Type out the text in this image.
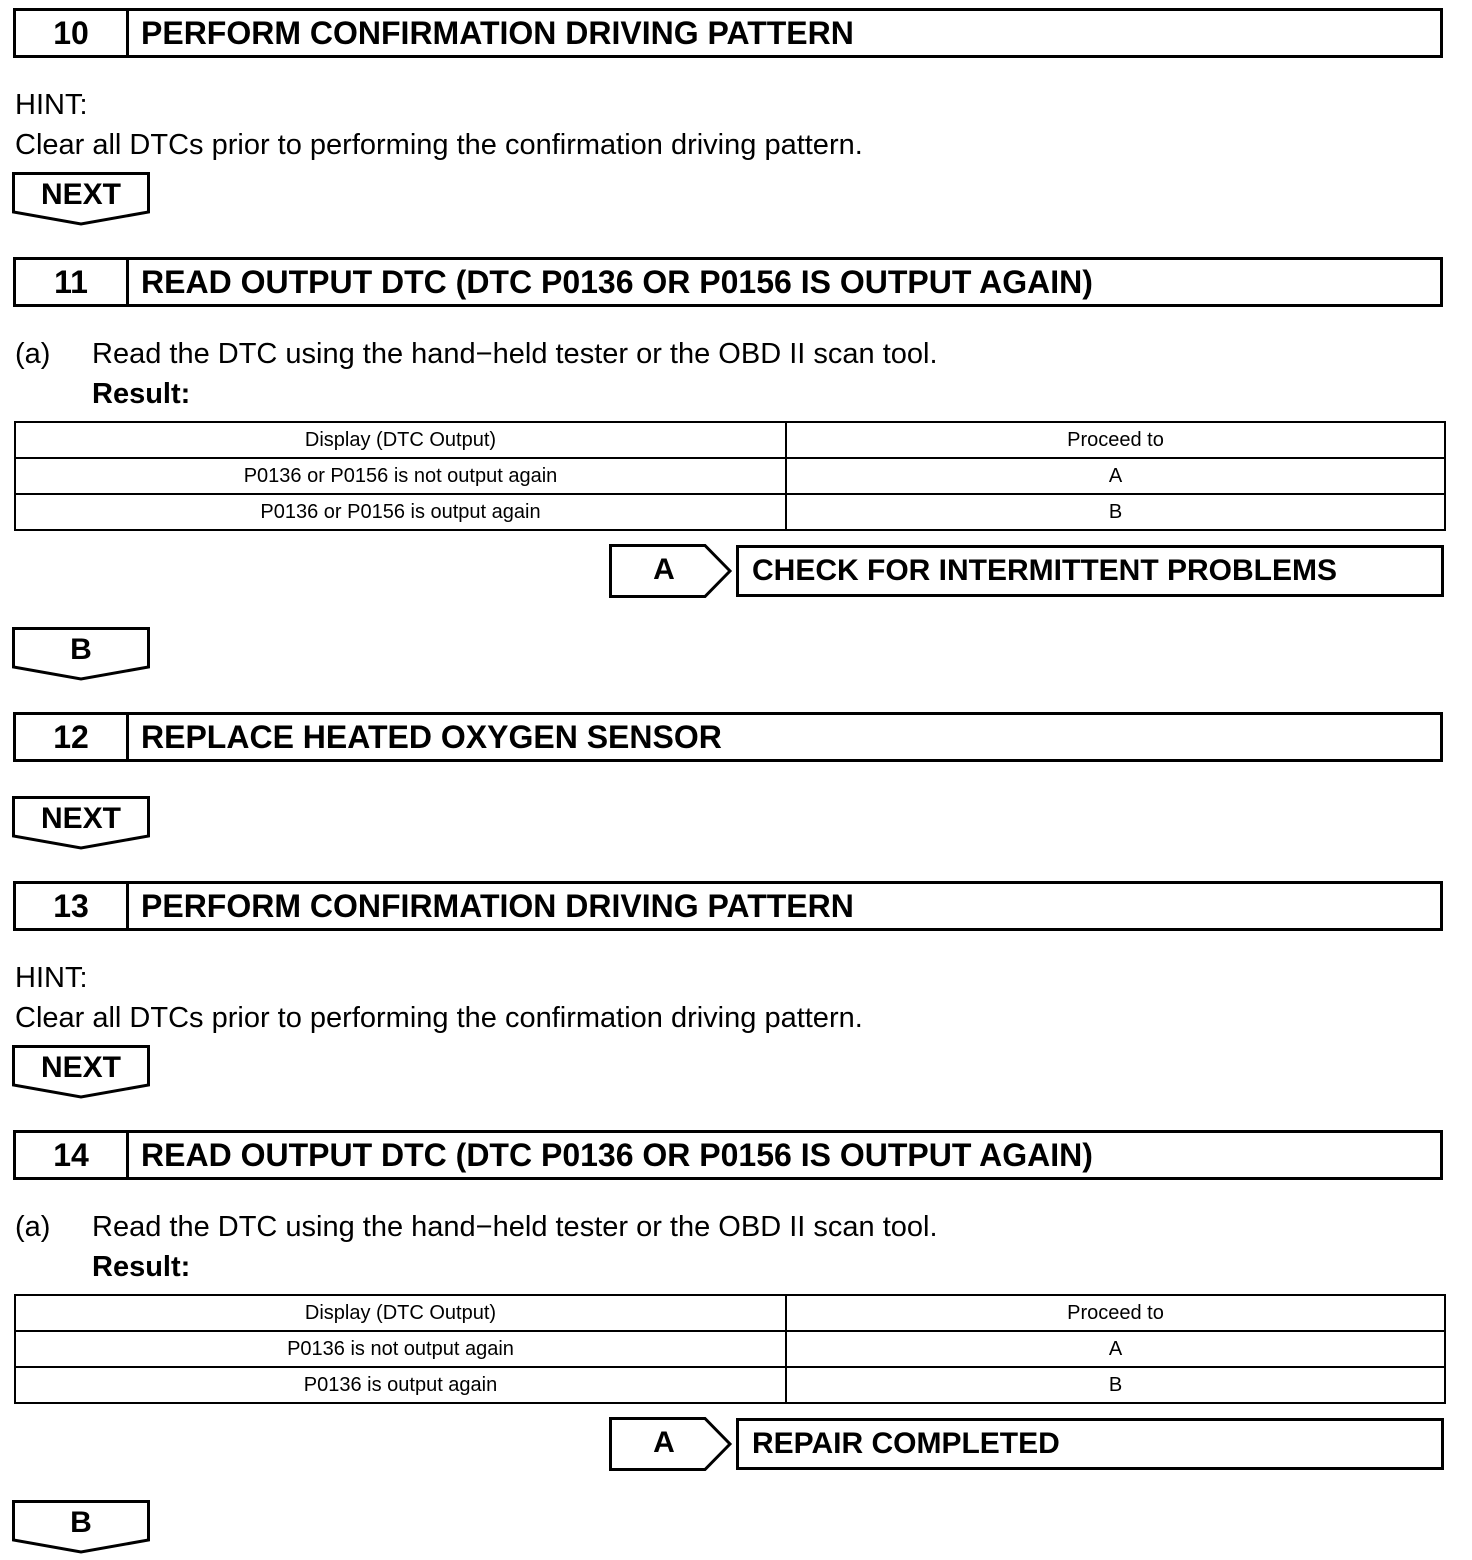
10	PERFORM CONFIRMATION DRIVING PATTERN
HINT:
Clear all DTCs prior to performing the confirmation driving pattern.
NEXT
11	READ OUTPUT DTC (DTC P0136 OR P0156 IS OUTPUT AGAIN)
(a) Read the DTC using the hand−held tester or the OBD II scan tool.
Result:
Display (DTC Output)	Proceed to
P0136 or P0156 is not output again	A
P0136 or P0156 is output again	B
A	CHECK FOR INTERMITTENT PROBLEMS
B
12	REPLACE HEATED OXYGEN SENSOR
NEXT
13	PERFORM CONFIRMATION DRIVING PATTERN
HINT:
Clear all DTCs prior to performing the confirmation driving pattern.
NEXT
14	READ OUTPUT DTC (DTC P0136 OR P0156 IS OUTPUT AGAIN)
(a) Read the DTC using the hand−held tester or the OBD II scan tool.
Result:
Display (DTC Output)	Proceed to
P0136 is not output again	A
P0136 is output again	B
A	REPAIR COMPLETED
B
